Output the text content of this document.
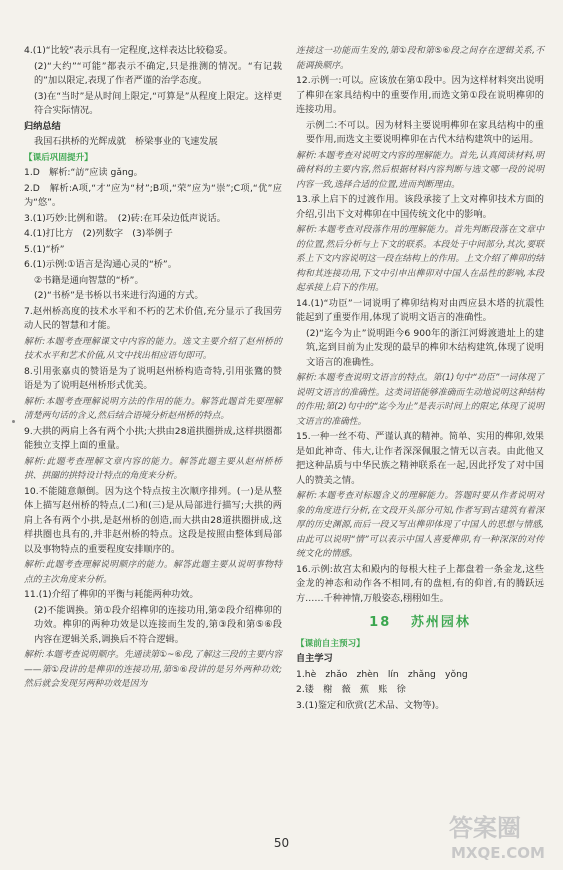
4.(1)“比较”表示具有一定程度,这样表达比较稳妥。

(2)“大约”“可能”都表示不确定,只是推测的情况。“有记载的”加以限定,表现了作者严谨的治学态度。

(3)在“当时”是从时间上限定,“可算是”从程度上限定。这样更符合实际情况。

归纳总结

我国石拱桥的光辉成就　桥梁事业的飞速发展

【课后巩固提升】

1.D　解析:“訪”应读 gǎng。

2.D　解析:A项,“才”应为“材”;B项,“荣”应为“崇”;C项,“优”应为“悠”。

3.(1)巧妙:比例和谐。　(2)砖:在耳朵边低声说话。

4.(1)打比方　(2)列数字　(3)举例子

5.(1)“桥”

6.(1)示例:①语言是沟通心灵的“桥”。

②书籍是通向智慧的“桥”。

(2)“书桥”是书桥以书来进行沟通的方式。

7.赵州桥高度的技术水平和不朽的艺术价值,充分显示了我国劳动人民的智慧和才能。

解析:本题考查理解课文中内容的能力。选文主要介绍了赵州桥的技术水平和艺术价值,从文中找出相应语句即可。

8.引用张嘉贞的赞语是为了说明赵州桥构造奇特,引用张鷟的赞语是为了说明赵州桥形式优美。

解析:本题考查理解说明方法的作用的能力。解答此题首先要理解清楚两句话的含义,然后结合语境分析赵州桥的特点。

9.大拱的两肩上各有两个小拱;大拱由28道拱圈拼成,这样拱圈都能独立支撑上面的重量。

解析:此题考查理解文章内容的能力。解答此题主要从赵州桥桥拱、拱圈的拱特设计特点的角度来分析。

10.不能随意颠倒。因为这个特点按主次顺序排列。(一)是从整体上描写赵州桥的特点,(二)和(三)是从局部进行描写;大拱的两肩上各有两个小拱,是赵州桥的创造,而大拱由28道拱圈拼成,这样拱圈也具有的,并非赵州桥的特点。这段是按照由整体到局部以及事物特点的重要程度安排顺序的。

解析:此题考查理解说明顺序的能力。解答此题主要从说明事物特点的主次角度来分析。

11.(1)介绍了榫卯的平衡与耗能两种功效。

(2)不能调换。第①段介绍榫卯的连接功用,第②段介绍榫卯的功效。榫卯的两种功效是以连接而生发的,第③段和第⑤⑥段内容在逻辑关系,调换后不符合逻辑。

解析:本题考查说明顺序。先通读第①~⑥段,了解这三段的主要内容——第①段讲的是榫卯的连接功用,第⑤⑥段讲的是另外两种功效;然后就会发现另两种功效是因为

连接这一功能而生发的,第①段和第⑤⑥段之间存在逻辑关系,不能调换顺序。

12.示例一:可以。应该放在第①段中。因为这样材料突出说明了榫卯在家具结构中的重要作用,而选文第①段在说明榫卯的连接功用。

示例二:不可以。因为材料主要说明榫卯在家具结构中的重要作用,而选文主要说明榫卯在古代木结构建筑中的运用。

解析:本题考查对说明文内容的理解能力。首先,认真阅读材料,明确材料的主要内容,然后根据材料内容判断与选文哪一段的说明内容一致,选择合适的位置,进而判断理由。

13.承上启下的过渡作用。该段承接了上文对榫卯技术方面的介绍,引出下文对榫卯在中国传统文化中的影响。

解析:本题考查对段落作用的理解能力。首先判断段落在文章中的位置,然后分析与上下文的联系。本段处于中间部分,其次,要联系上下文内容说明这一段在结构上的作用。上文介绍了榫卯的结构和其连接功用,下文中引申出榫卯对中国人在品性的影响,本段起承接上启下的作用。

14.(1)“功臣”一词说明了榫卯结构对由西应县木塔的抗震性能起到了重要作用,体现了说明文语言的准确性。

(2)“迄今为止”说明距今6 900年的浙江河姆渡遗址上的建筑,迄到目前为止发现的最早的榫卯木结构建筑,体现了说明文语言的准确性。

解析:本题考查说明文语言的特点。第(1)句中“功臣”一词体现了说明文语言的准确性。这类词语能够准确而生动地说明这种结构的作用;第(2)句中的“迄今为止”是表示时间上的限定,体现了说明文语言的准确性。

15.一种一丝不苟、严谨认真的精神。简单、实用的榫卯,效果是如此神奇、伟大,让作者深深佩服之情无以言表。由此他又把这种品质与中华民族之精神联系在一起,因此抒发了对中国人的赞美之情。

解析:本题考查对标题含义的理解能力。答题时要从作者说明对象的角度进行分析,在文段开头部分可知,作者写到古建筑有着深厚的历史渊源,而后一段又写出榫卯体现了中国人的思想与情感,由此可以说明“情”可以表示中国人喜爱榫卯,有一种深深的对传统文化的情感。

16.示例:故宫太和殿内的每根大柱子上都盘着一条金龙,这些金龙的神态和动作各不相同,有的盘桓,有的仰首,有的腾跃远方……千种神情,万般姿态,栩栩如生。

18 苏州园林

【课前自主预习】

自主学习

1.hè　zhǎo　zhèn　lín　zhǎng　yǒng

2.镂　榭　薇　蕉　账　徐

3.(1)鉴定和欣赏(艺术品、文物等)。

50
答案圈
MXQE.COM
